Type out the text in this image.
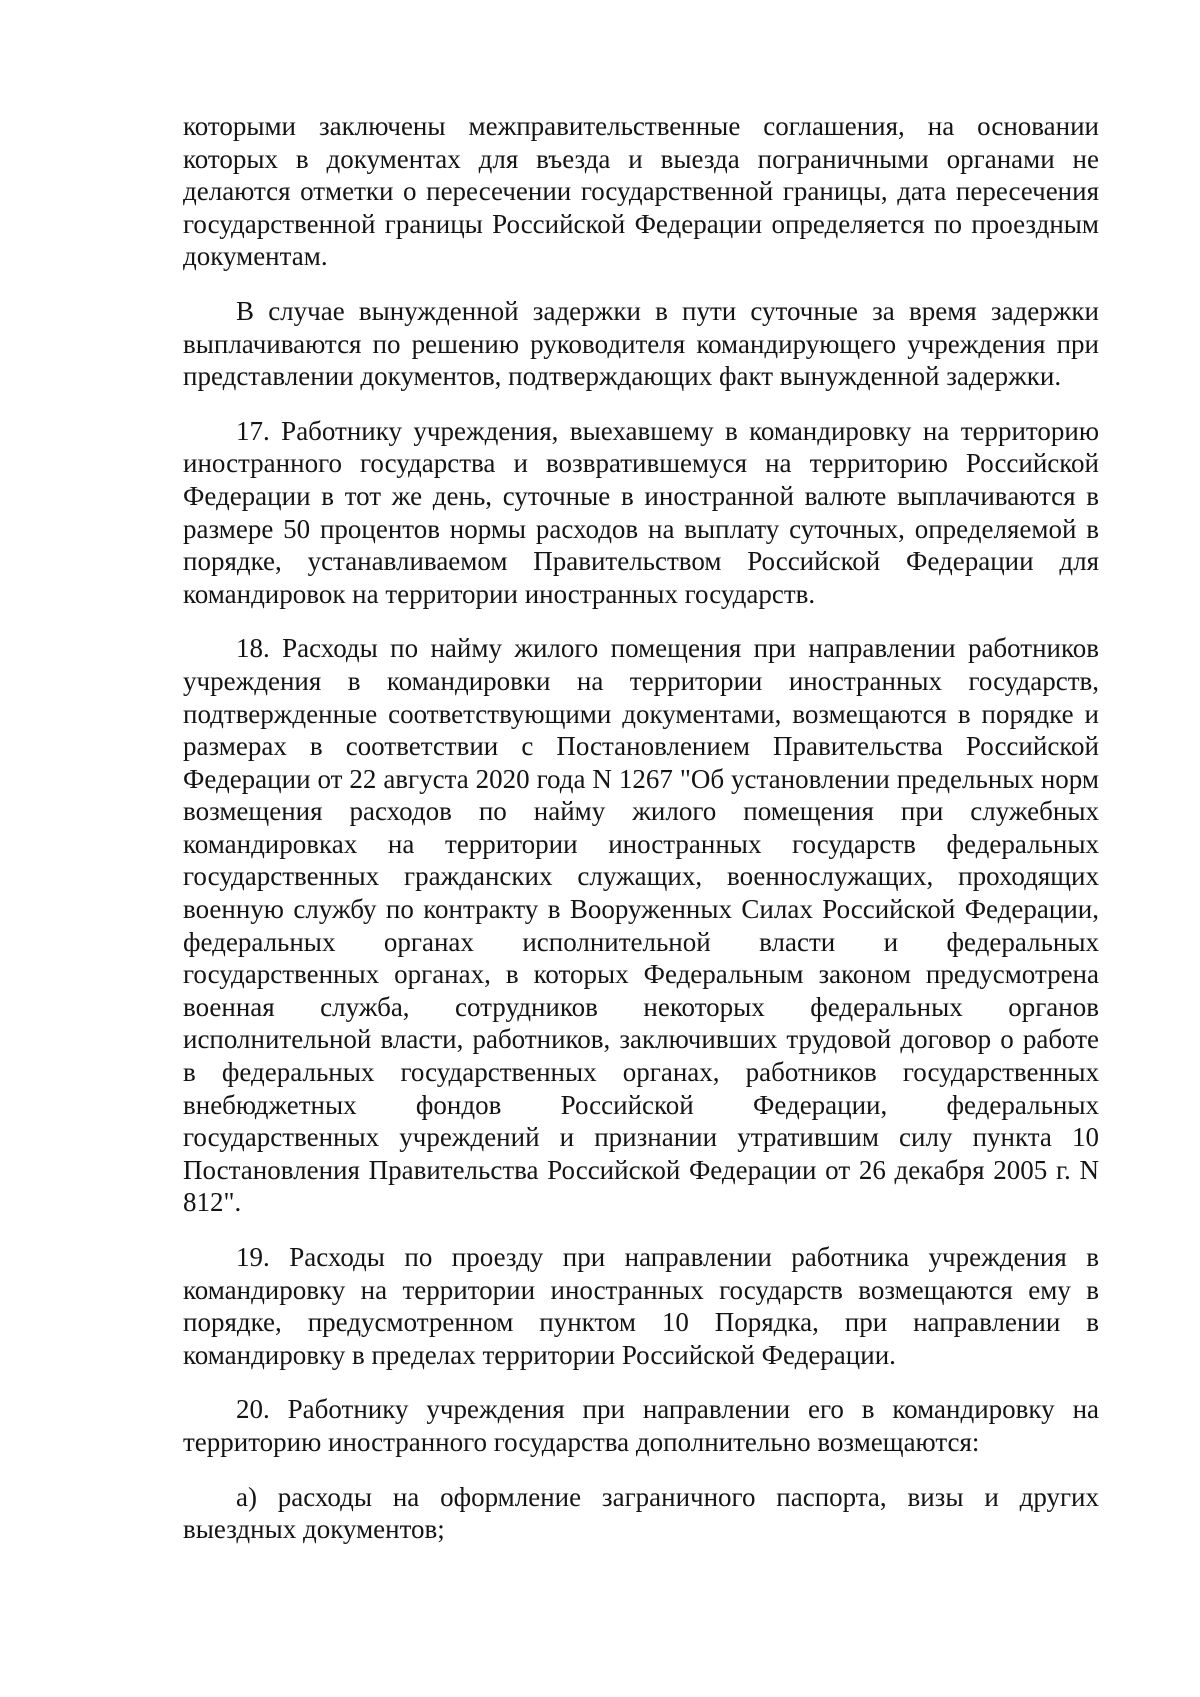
которыми заключены межправительственные соглашения, на основании
которых в документах для въезда и выезда пограничными органами не
делаются отметки о пересечении государственной границы, дата пересечения
государственной границы Российской Федерации определяется по проездным
документам.
В случае вынужденной задержки в пути суточные за время задержки
выплачиваются по решению руководителя командирующего учреждения при
представлении документов, подтверждающих факт вынужденной задержки.
17. Работнику учреждения, выехавшему в командировку на территорию
иностранного государства и возвратившемуся на территорию Российской
Федерации в тот же день, суточные в иностранной валюте выплачиваются в
размере 50 процентов нормы расходов на выплату суточных, определяемой в
порядке, устанавливаемом Правительством Российской Федерации для
командировок на территории иностранных государств.
18. Расходы по найму жилого помещения при направлении работников
учреждения в командировки на территории иностранных государств,
подтвержденные соответствующими документами, возмещаются в порядке и
размерах в соответствии с Постановлением Правительства Российской
Федерации от 22 августа 2020 года N 1267 "Об установлении предельных норм
возмещения расходов по найму жилого помещения при служебных
командировках на территории иностранных государств федеральных
государственных гражданских служащих, военнослужащих, проходящих
военную службу по контракту в Вооруженных Силах Российской Федерации,
федеральных органах исполнительной власти и федеральных
государственных органах, в которых Федеральным законом предусмотрена
военная служба, сотрудников некоторых федеральных органов
исполнительной власти, работников, заключивших трудовой договор о работе
в федеральных государственных органах, работников государственных
внебюджетных фондов Российской Федерации, федеральных
государственных учреждений и признании утратившим силу пункта 10
Постановления Правительства Российской Федерации от 26 декабря 2005 г. N
812".
19. Расходы по проезду при направлении работника учреждения в
командировку на территории иностранных государств возмещаются ему в
порядке, предусмотренном пунктом 10 Порядка, при направлении в
командировку в пределах территории Российской Федерации.
20. Работнику учреждения при направлении его в командировку на
территорию иностранного государства дополнительно возмещаются:
а) расходы на оформление заграничного паспорта, визы и других
выездных документов;
